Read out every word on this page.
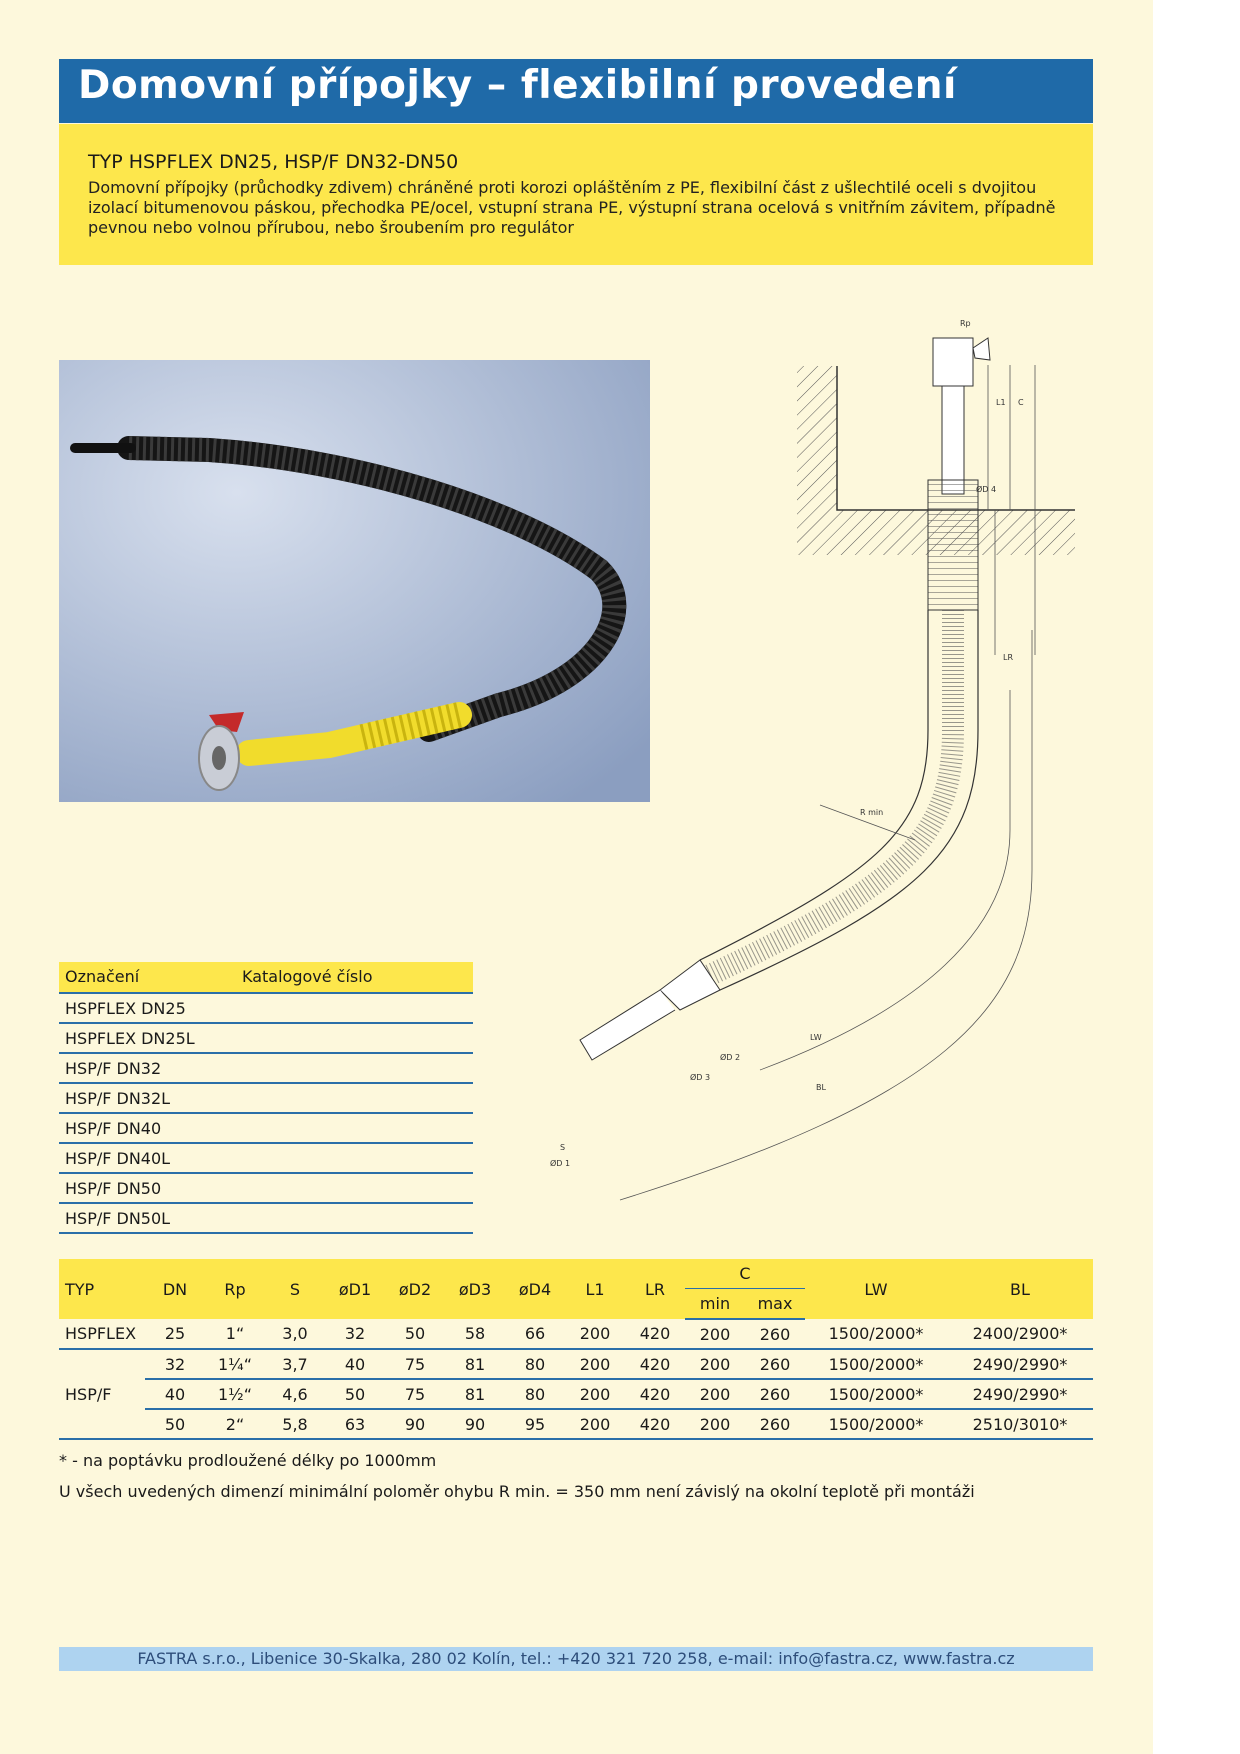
Domovní přípojky – flexibilní provedení
TYP HSPFLEX DN25, HSP/F DN32-DN50
Domovní přípojky (průchodky zdivem) chráněné proti korozi opláštěním z PE, flexibilní část z ušlechtilé oceli s dvojitou izolací bitumenovou páskou, přechodka PE/ocel, vstupní strana PE, výstupní strana ocelová s vnitřním závitem, případně pevnou nebo volnou přírubou, nebo šroubením pro regulátor
Rp
L1 C
ØD 4
LR
R min
LW
BL
ØD 2
ØD 3
S
ØD 1
Označení	Katalogové číslo
HSPFLEX DN25
HSPFLEX DN25L
HSP/F DN32
HSP/F DN32L
HSP/F DN40
HSP/F DN40L
HSP/F DN50
HSP/F DN50L
TYP	DN	Rp	S	øD1	øD2	øD3	øD4	L1	LR	C		LW	BL
										min	max		
HSPFLEX	25	1“	3,0	32	50	58	66	200	420	200	260	1500/2000*	2400/2900*
HSP/F	32	1¼“	3,7	40	75	81	80	200	420	200	260	1500/2000*	2490/2990*
	40	1½“	4,6	50	75	81	80	200	420	200	260	1500/2000*	2490/2990*
	50	2“	5,8	63	90	90	95	200	420	200	260	1500/2000*	2510/3010*
* - na poptávku prodloužené délky po 1000mm
U všech uvedených dimenzí minimální poloměr ohybu R min. = 350 mm není závislý na okolní teplotě při montáži
FASTRA s.r.o., Libenice 30-Skalka, 280 02 Kolín, tel.: +420 321 720 258, e-mail: info@fastra.cz, www.fastra.cz
